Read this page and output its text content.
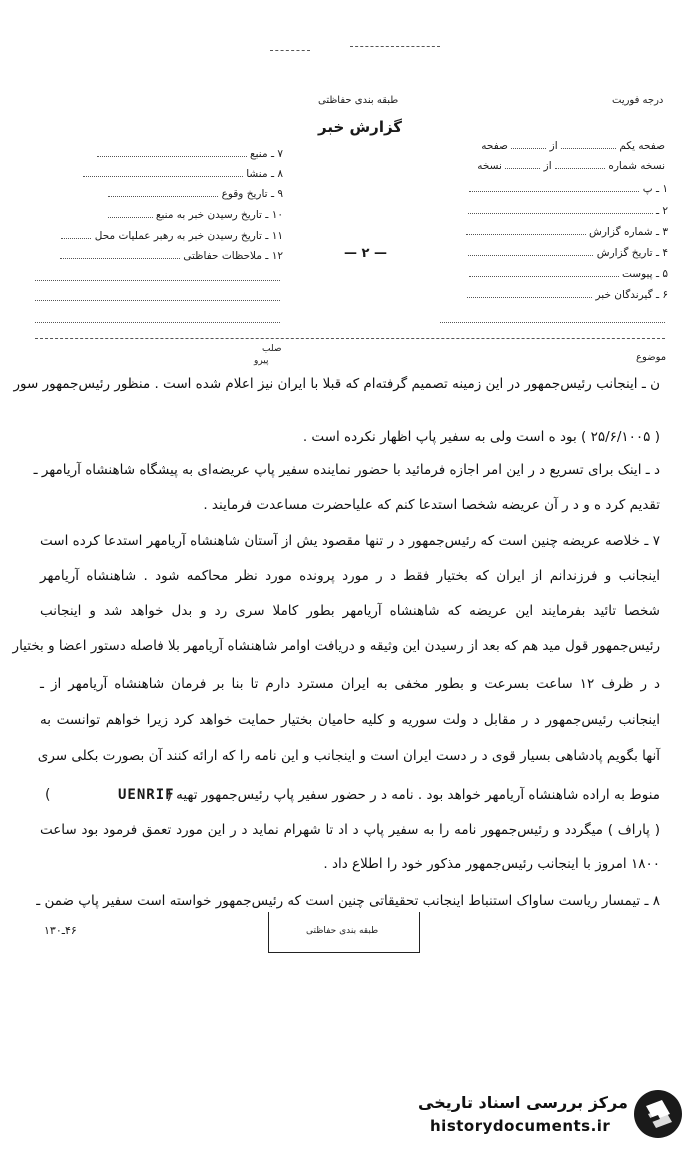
طبقه بندی حفاظتی	درجه فوریت
گزارش خبر
صفحه یکم  از  صفحه
نسخه شماره  از  نسخه
۱ ـ پ
۲ ـ
۳ ـ شماره گزارش
۴ ـ تاریخ گزارش
۵ ـ پیوست
۶ ـ گیرندگان خبر
— ۲ —
۷ ـ منبع
۸ ـ منشا
۹ ـ تاریخ وقوع
۱۰ ـ تاریخ رسیدن خبر به منبع
۱۱ ـ تاریخ رسیدن خبر به رهبر عملیات محل
۱۲ ـ ملاحظات حفاظتی
موضوع
صلب
پیرو
ن ـ اینجانب رئیس‌جمهور در این زمینه تصمیم گرفته‌ام که قبلا با ایران نیز اعلام شده است . منظور رئیس‌جمهور سور
( ۲۵/۶/۱۰۰۵ ) بود ه است ولی به سفیر پاپ اظهار نکرده است .
د ـ اینک برای تسریع د ر این امر اجازه فرمائید با حضور نماینده سفیر پاپ عریضه‌ای به پیشگاه شاهنشاه آریامهر ـ
تقدیم کرد ه و د ر آن عریضه شخصا استدعا کنم که علیاحضرت مساعدت فرمایند .
۷ ـ خلاصه عریضه چنین است که رئیس‌جمهور د ر تنها مقصود یش از آستان شاهنشاه آریامهر استدعا کرده است
اینجانب و فرزندانم از ایران که بختیار فقط د ر مورد پرونده مورد نظر محاکمه شود . شاهنشاه آریامهر
شخصا تائید بفرمایند این عریضه که شاهنشاه آریامهر بطور کاملا سری رد و بدل خواهد شد و اینجانب
رئیس‌جمهور قول مید هم که بعد از رسیدن این وثیقه و دریافت اوامر شاهنشاه آریامهر بلا فاصله دستور اعضا و بختیار
د ر ظرف ۱۲ ساعت بسرعت و بطور مخفی به ایران مسترد دارم تا بنا بر فرمان شاهنشاه آریامهر از ـ
اینجانب رئیس‌جمهور د ر مقابل د ولت سوریه و کلیه حامیان بختیار حمایت خواهد کرد زیرا خواهم توانست به
آنها بگویم پادشاهی بسیار قوی د ر دست ایران است و اینجانب و این نامه را که ارائه کنند آن بصورت بکلی سری
منوط به اراده شاهنشاه آریامهر خواهد بود . نامه د ر حضور سفیر پاپ رئیس‌جمهور تهیه (
UENRIF
(
( پاراف ) میگردد و رئیس‌جمهور نامه را به سفیر پاپ د اد تا شهرام نماید د ر این مورد تعمق فرمود بود ساعت
۱۸۰۰ امروز با اینجانب رئیس‌جمهور مذکور خود را اطلاع داد .
۸ ـ تیمسار ریاست ساواک استنباط اینجانب تحقیقاتی چنین است که رئیس‌جمهور خواسته است سفیر پاپ ضمن ـ
طبقه بندی حفاظتی
۴۶ـ۱۳۰
مرکز بررسی اسناد تاریخی
historydocuments.ir
